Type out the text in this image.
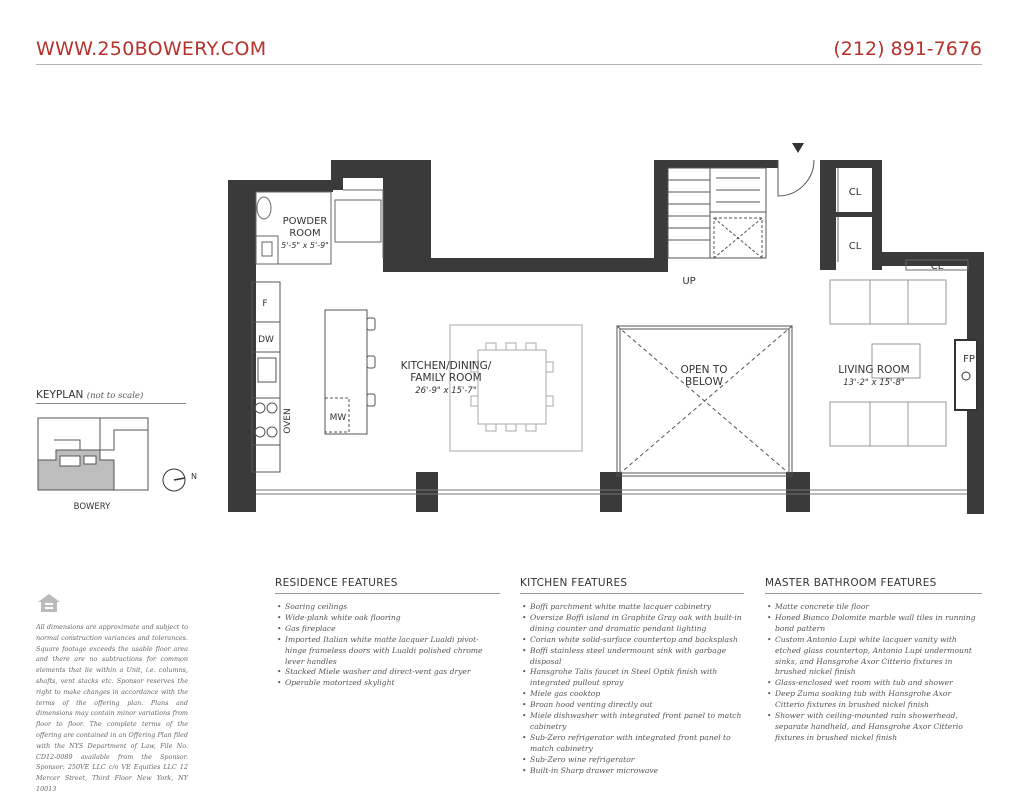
WWW.250BOWERY.COM	(212) 891-7676
POWDER
ROOM
5'-5" x 5'-9"
KITCHEN/DINING/
FAMILY ROOM
26'-9" x 15'-7"
OPEN TO
BELOW
LIVING ROOM
13'-2" x 15'-8"
UP
CL
CL
CL
FP
F
DW
OVEN	MW
N
BOWERY
KEYPLAN (not to scale)
All dimensions are approximate and subject to normal construction variances and tolerances. Square footage exceeds the usable floor area and there are no subtractions for common elements that lie within a Unit, i.e. columns, shafts, vent stacks etc. Sponsor reserves the right to make changes in accordance with the terms of the offering plan. Plans and dimensions may contain minor variations from floor to floor. The complete terms of the offering are contained in an Offering Plan filed with the NYS Department of Law, File No. CD12-0089 available from the Sponsor. Sponsor: 250VE LLC c/o VE Equities LLC 12 Mercer Street, Third Floor New York, NY 10013
RESIDENCE FEATURES
• Soaring ceilings
• Wide-plank white oak flooring
• Gas fireplace
• Imported Italian white matte lacquer Lualdi pivot-hinge frameless doors with Lualdi polished chrome lever handles
• Stacked Miele washer and direct-vent gas dryer
• Operable motorized skylight
KITCHEN FEATURES
• Boffi parchment white matte lacquer cabinetry
• Oversize Boffi island in Graphite Gray oak with built-in dining counter and dramatic pendant lighting
• Corian white solid-surface countertop and backsplash
• Boffi stainless steel undermount sink with garbage disposal
• Hansgrohe Talis faucet in Steel Optik finish with integrated pullout spray
• Miele gas cooktop
• Broan hood venting directly out
• Miele dishwasher with integrated front panel to match cabinetry
• Sub-Zero refrigerator with integrated front panel to match cabinetry
• Sub-Zero wine refrigerator
• Built-in Sharp drawer microwave
MASTER BATHROOM FEATURES
• Matte concrete tile floor
• Honed Bianco Dolomite marble wall tiles in running bond pattern
• Custom Antonio Lupi white lacquer vanity with etched glass countertop, Antonio Lupi undermount sinks, and Hansgrohe Axor Citterio fixtures in brushed nickel finish
• Glass-enclosed wet room with tub and shower
• Deep Zuma soaking tub with Hansgrohe Axor Citterio fixtures in brushed nickel finish
• Shower with ceiling-mounted rain showerhead, separate handheld, and Hansgrohe Axor Citterio fixtures in brushed nickel finish
